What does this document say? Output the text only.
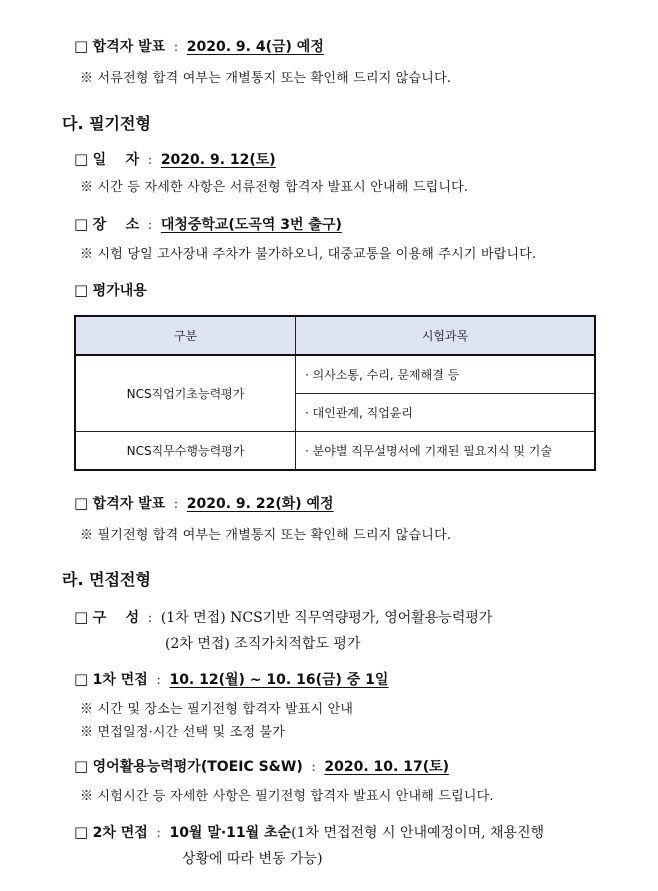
□ 합격자 발표 : 2020. 9. 4(금) 예정
※ 서류전형 합격 여부는 개별통지 또는 확인해 드리지 않습니다.
다. 필기전형
□ 일    자 : 2020. 9. 12(토)
※ 시간 등 자세한 사항은 서류전형 합격자 발표시 안내해 드립니다.
□ 장    소 : 대청중학교(도곡역 3번 출구)
※ 시험 당일 고사장내 주차가 불가하오니, 대중교통을 이용해 주시기 바랍니다.
□ 평가내용
구분	시험과목
NCS직업기초능력평가	· 의사소통, 수리, 문제해결 등
	· 대인관계, 직업윤리
NCS직무수행능력평가	· 분야별 직무설명서에 기재된 필요지식 및 기술
□ 합격자 발표 : 2020. 9. 22(화) 예정
※ 필기전형 합격 여부는 개별통지 또는 확인해 드리지 않습니다.
라. 면접전형
□ 구    성 : (1차 면접) NCS기반 직무역량평가, 영어활용능력평가
(2차 면접) 조직가치적합도 평가
□ 1차 면접 : 10. 12(월) ~ 10. 16(금) 중 1일
※ 시간 및 장소는 필기전형 합격자 발표시 안내
※ 면접일정·시간 선택 및 조정 불가
□ 영어활용능력평가(TOEIC S&W) : 2020. 10. 17(토)
※ 시험시간 등 자세한 사항은 필기전형 합격자 발표시 안내해 드립니다.
□ 2차 면접 : 10월 말·11월 초순(1차 면접전형 시 안내예정이며, 채용진행
상황에 따라 변동 가능)
